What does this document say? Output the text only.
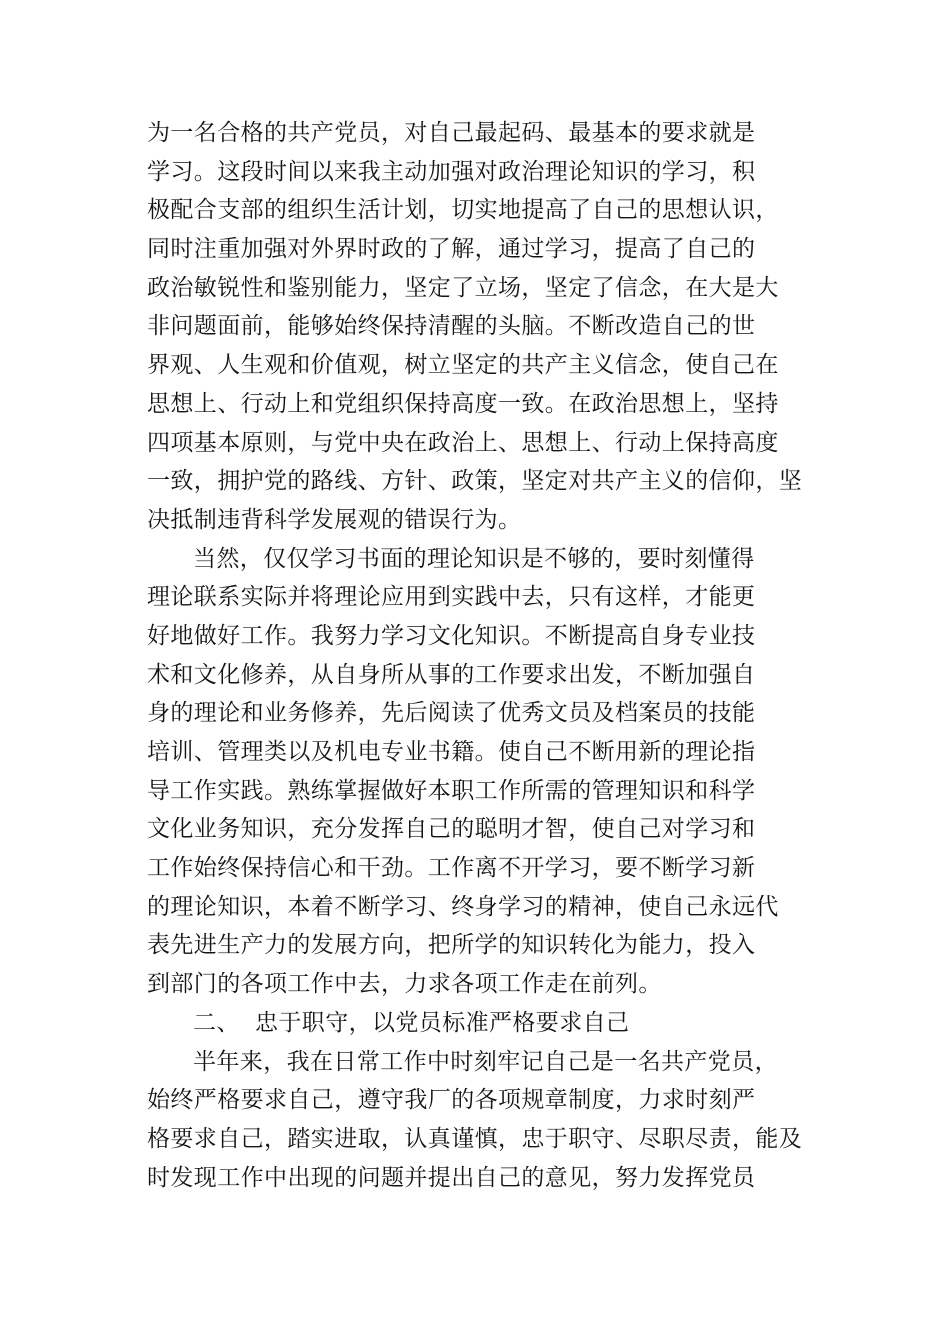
为一名合格的共产党员，对自己最起码、最基本的要求就是
学习。这段时间以来我主动加强对政治理论知识的学习，积
极配合支部的组织生活计划，切实地提高了自己的思想认识，
同时注重加强对外界时政的了解，通过学习，提高了自己的
政治敏锐性和鉴别能力，坚定了立场，坚定了信念，在大是大
非问题面前，能够始终保持清醒的头脑。不断改造自己的世
界观、人生观和价值观，树立坚定的共产主义信念，使自己在
思想上、行动上和党组织保持高度一致。在政治思想上，坚持
四项基本原则，与党中央在政治上、思想上、行动上保持高度
一致，拥护党的路线、方针、政策，坚定对共产主义的信仰，坚
决抵制违背科学发展观的错误行为。
当然，仅仅学习书面的理论知识是不够的，要时刻懂得
理论联系实际并将理论应用到实践中去，只有这样，才能更
好地做好工作。我努力学习文化知识。不断提高自身专业技
术和文化修养，从自身所从事的工作要求出发，不断加强自
身的理论和业务修养，先后阅读了优秀文员及档案员的技能
培训、管理类以及机电专业书籍。使自己不断用新的理论指
导工作实践。熟练掌握做好本职工作所需的管理知识和科学
文化业务知识，充分发挥自己的聪明才智，使自己对学习和
工作始终保持信心和干劲。工作离不开学习，要不断学习新
的理论知识，本着不断学习、终身学习的精神，使自己永远代
表先进生产力的发展方向，把所学的知识转化为能力，投入
到部门的各项工作中去，力求各项工作走在前列。
二、 忠于职守，以党员标准严格要求自己
半年来，我在日常工作中时刻牢记自己是一名共产党员，
始终严格要求自己，遵守我厂的各项规章制度，力求时刻严
格要求自己，踏实进取，认真谨慎，忠于职守、尽职尽责，能及
时发现工作中出现的问题并提出自己的意见，努力发挥党员
